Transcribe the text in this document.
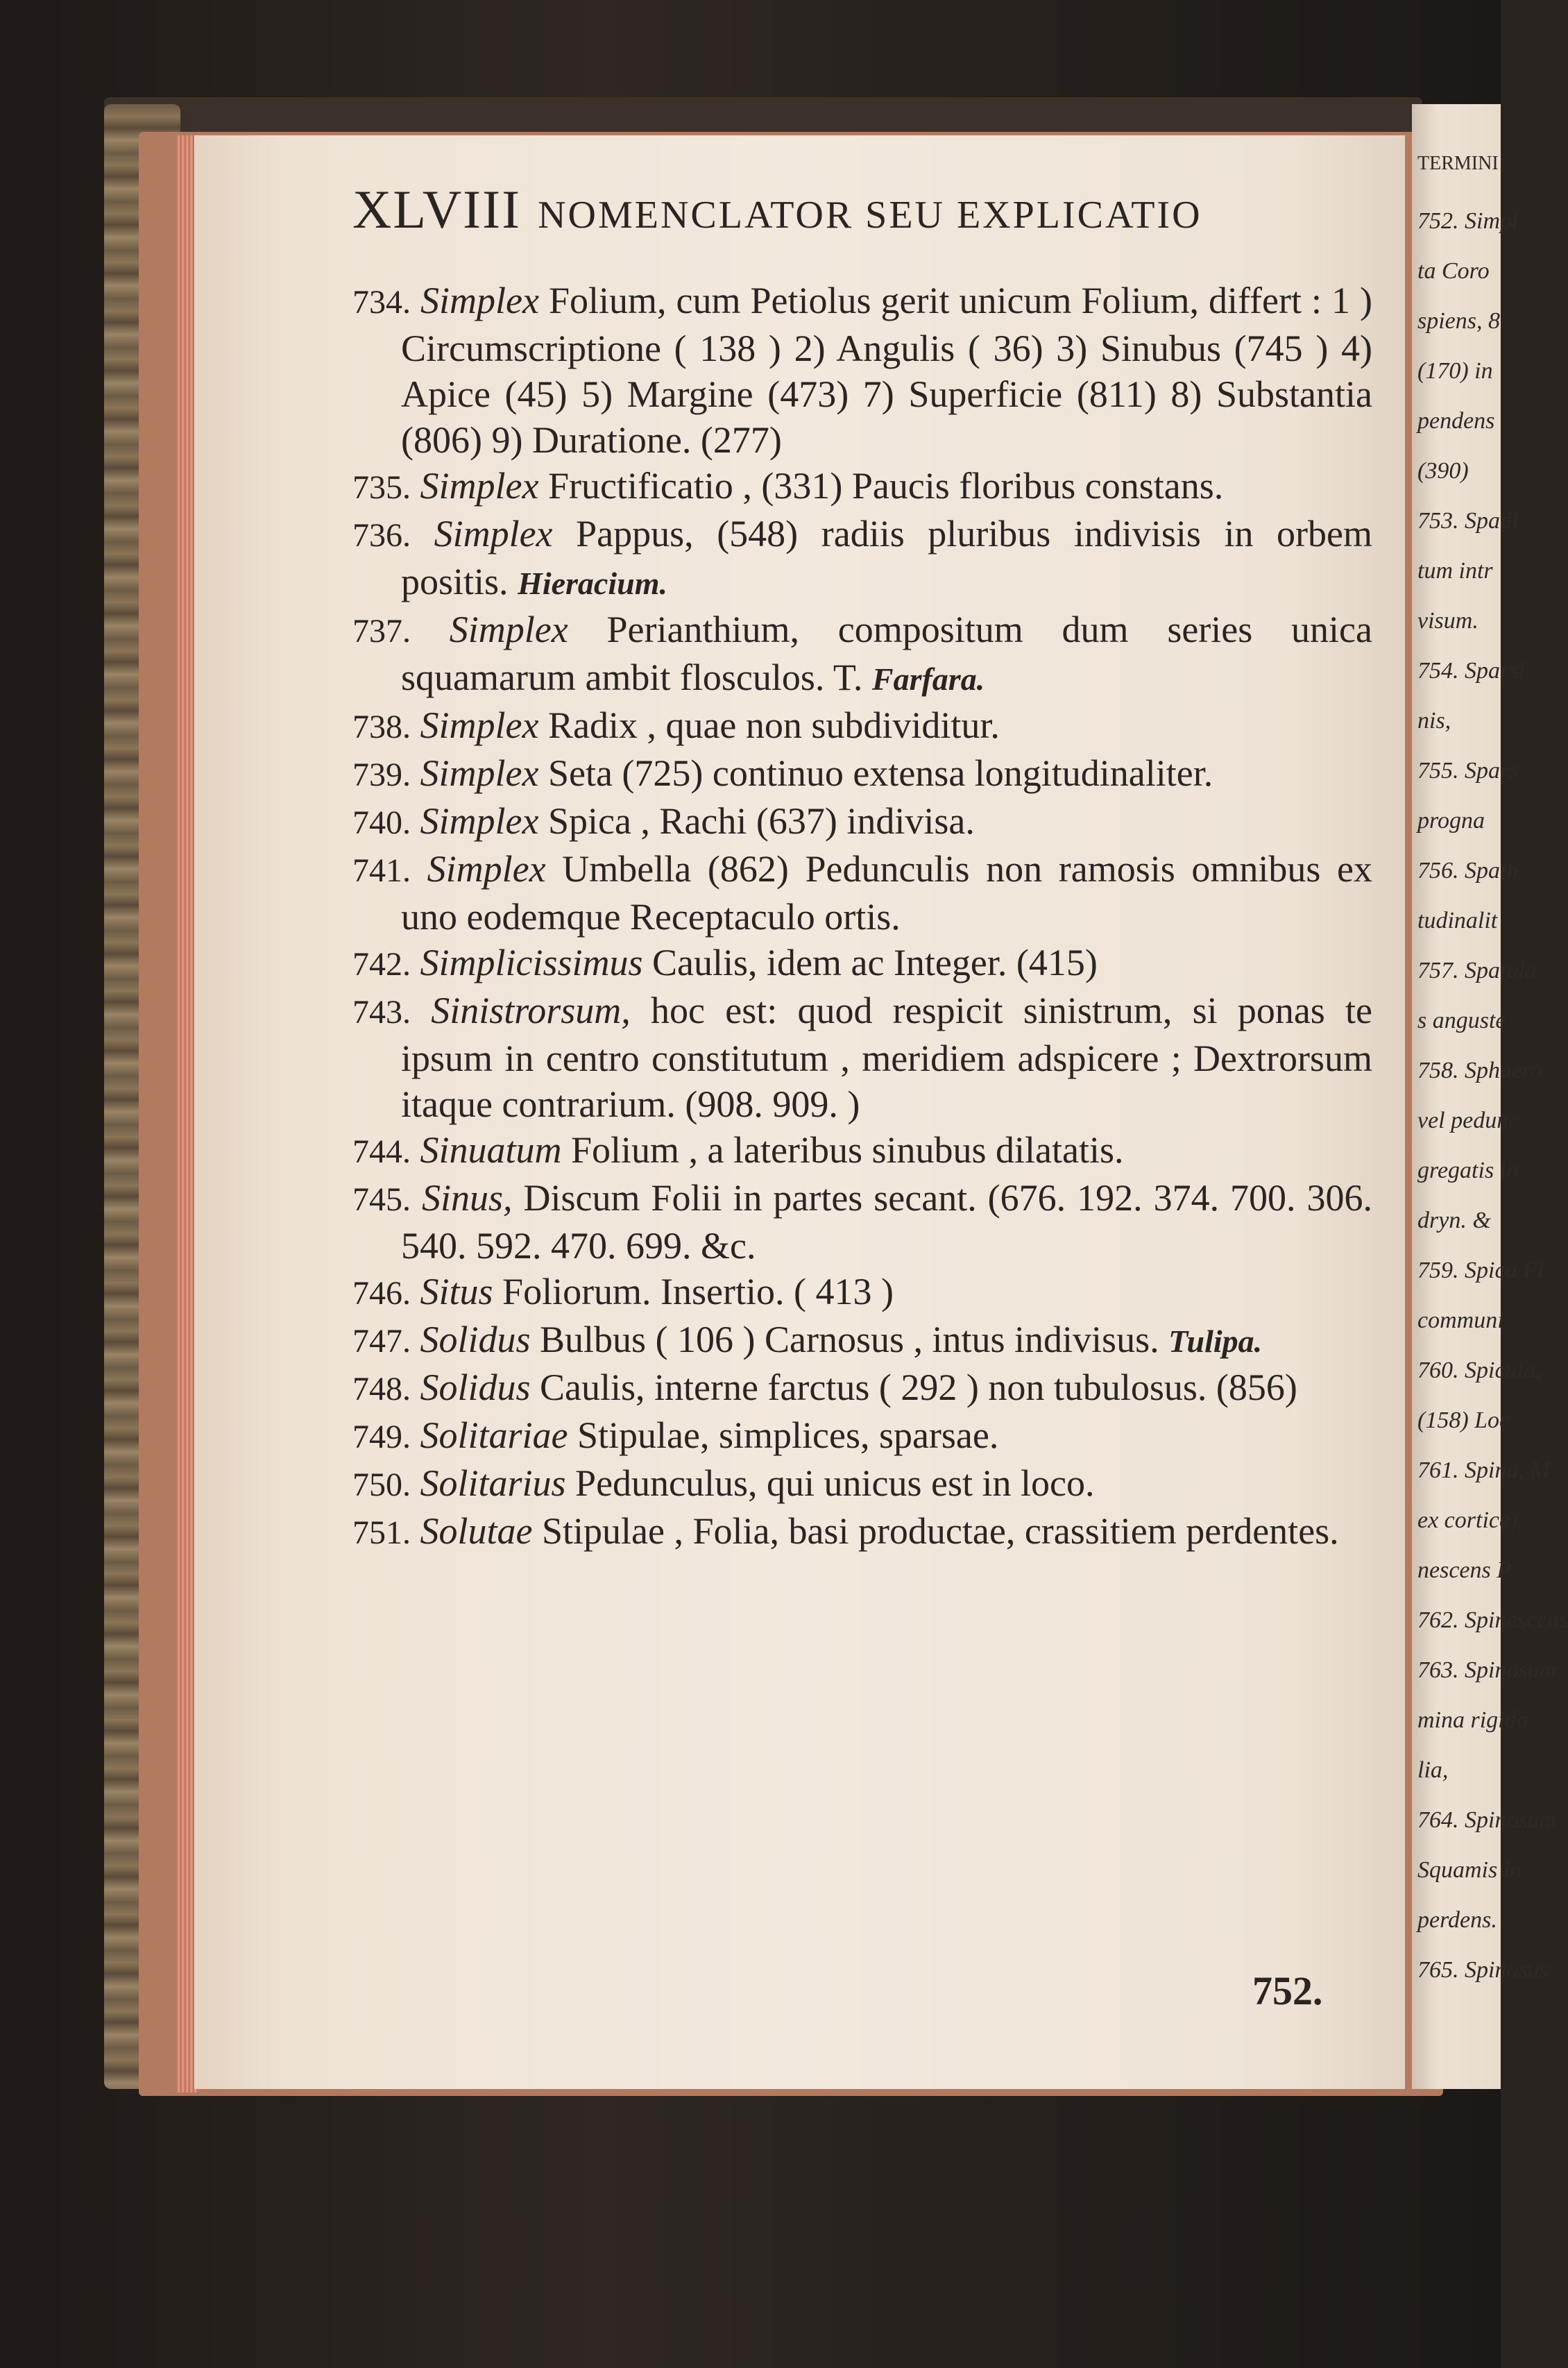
XLVIII NOMENCLATOR SEU EXPLICATIO

734. Simplex Folium, cum Petiolus gerit unicum Folium, differt : 1 ) Circumscriptione ( 138 ) 2) Angulis ( 36) 3) Sinubus (745 ) 4) Apice (45) 5) Margine (473) 7) Superficie (811) 8) Substantia (806) 9) Duratione. (277)

735. Simplex Fructificatio , (331) Paucis floribus constans.

736. Simplex Pappus, (548) radiis pluribus indivisis in orbem positis. Hieracium.

737. Simplex Perianthium, compositum dum series unica squamarum ambit flosculos. T. Farfara.

738. Simplex Radix , quae non subdividitur.

739. Simplex Seta (725) continuo extensa longitudinaliter.

740. Simplex Spica , Rachi (637) indivisa.

741. Simplex Umbella (862) Pedunculis non ramosis omnibus ex uno eodemque Receptaculo ortis.

742. Simplicissimus Caulis, idem ac Integer. (415)

743. Sinistrorsum, hoc est: quod respicit sinistrum, si ponas te ipsum in centro constitutum , meridiem adspicere ; Dextrorsum itaque contrarium. (908. 909. )

744. Sinuatum Folium , a lateribus sinubus dilatatis.

745. Sinus, Discum Folii in partes secant. (676. 192. 374. 700. 306. 540. 592. 470. 699. &c.

746. Situs Foliorum. Insertio. ( 413 )

747. Solidus Bulbus ( 106 ) Carnosus , intus indivisus. Tulipa.

748. Solidus Caulis, interne farctus ( 292 ) non tubulosus. (856)

749. Solitariae Stipulae, simplices, sparsae.

750. Solitarius Pedunculus, qui unicus est in loco.

751. Solutae Stipulae , Folia, basi productae, crassitiem perdentes.

752.
TERMINI
752. Simpl
ta Coro
spiens, 8
(170) in
pendens
(390)
753. Spadi
tum intr
visum.
754. Sparsi
nis,
755. Spars
progna
756. Spath
tudinalit
757. Spatula
s anguste
758. Sphaero
vel pedunc
gregatis in
dryn. &
759. Spica Fl
communi
760. Spicula,
(158) Loc
761. Spina, M
ex cortice)
nescens P
762. Spinescens
763. Spinosum
mina rigida
lia,
764. Spinosum
Squamis in
perdens.
765. Spinosus
